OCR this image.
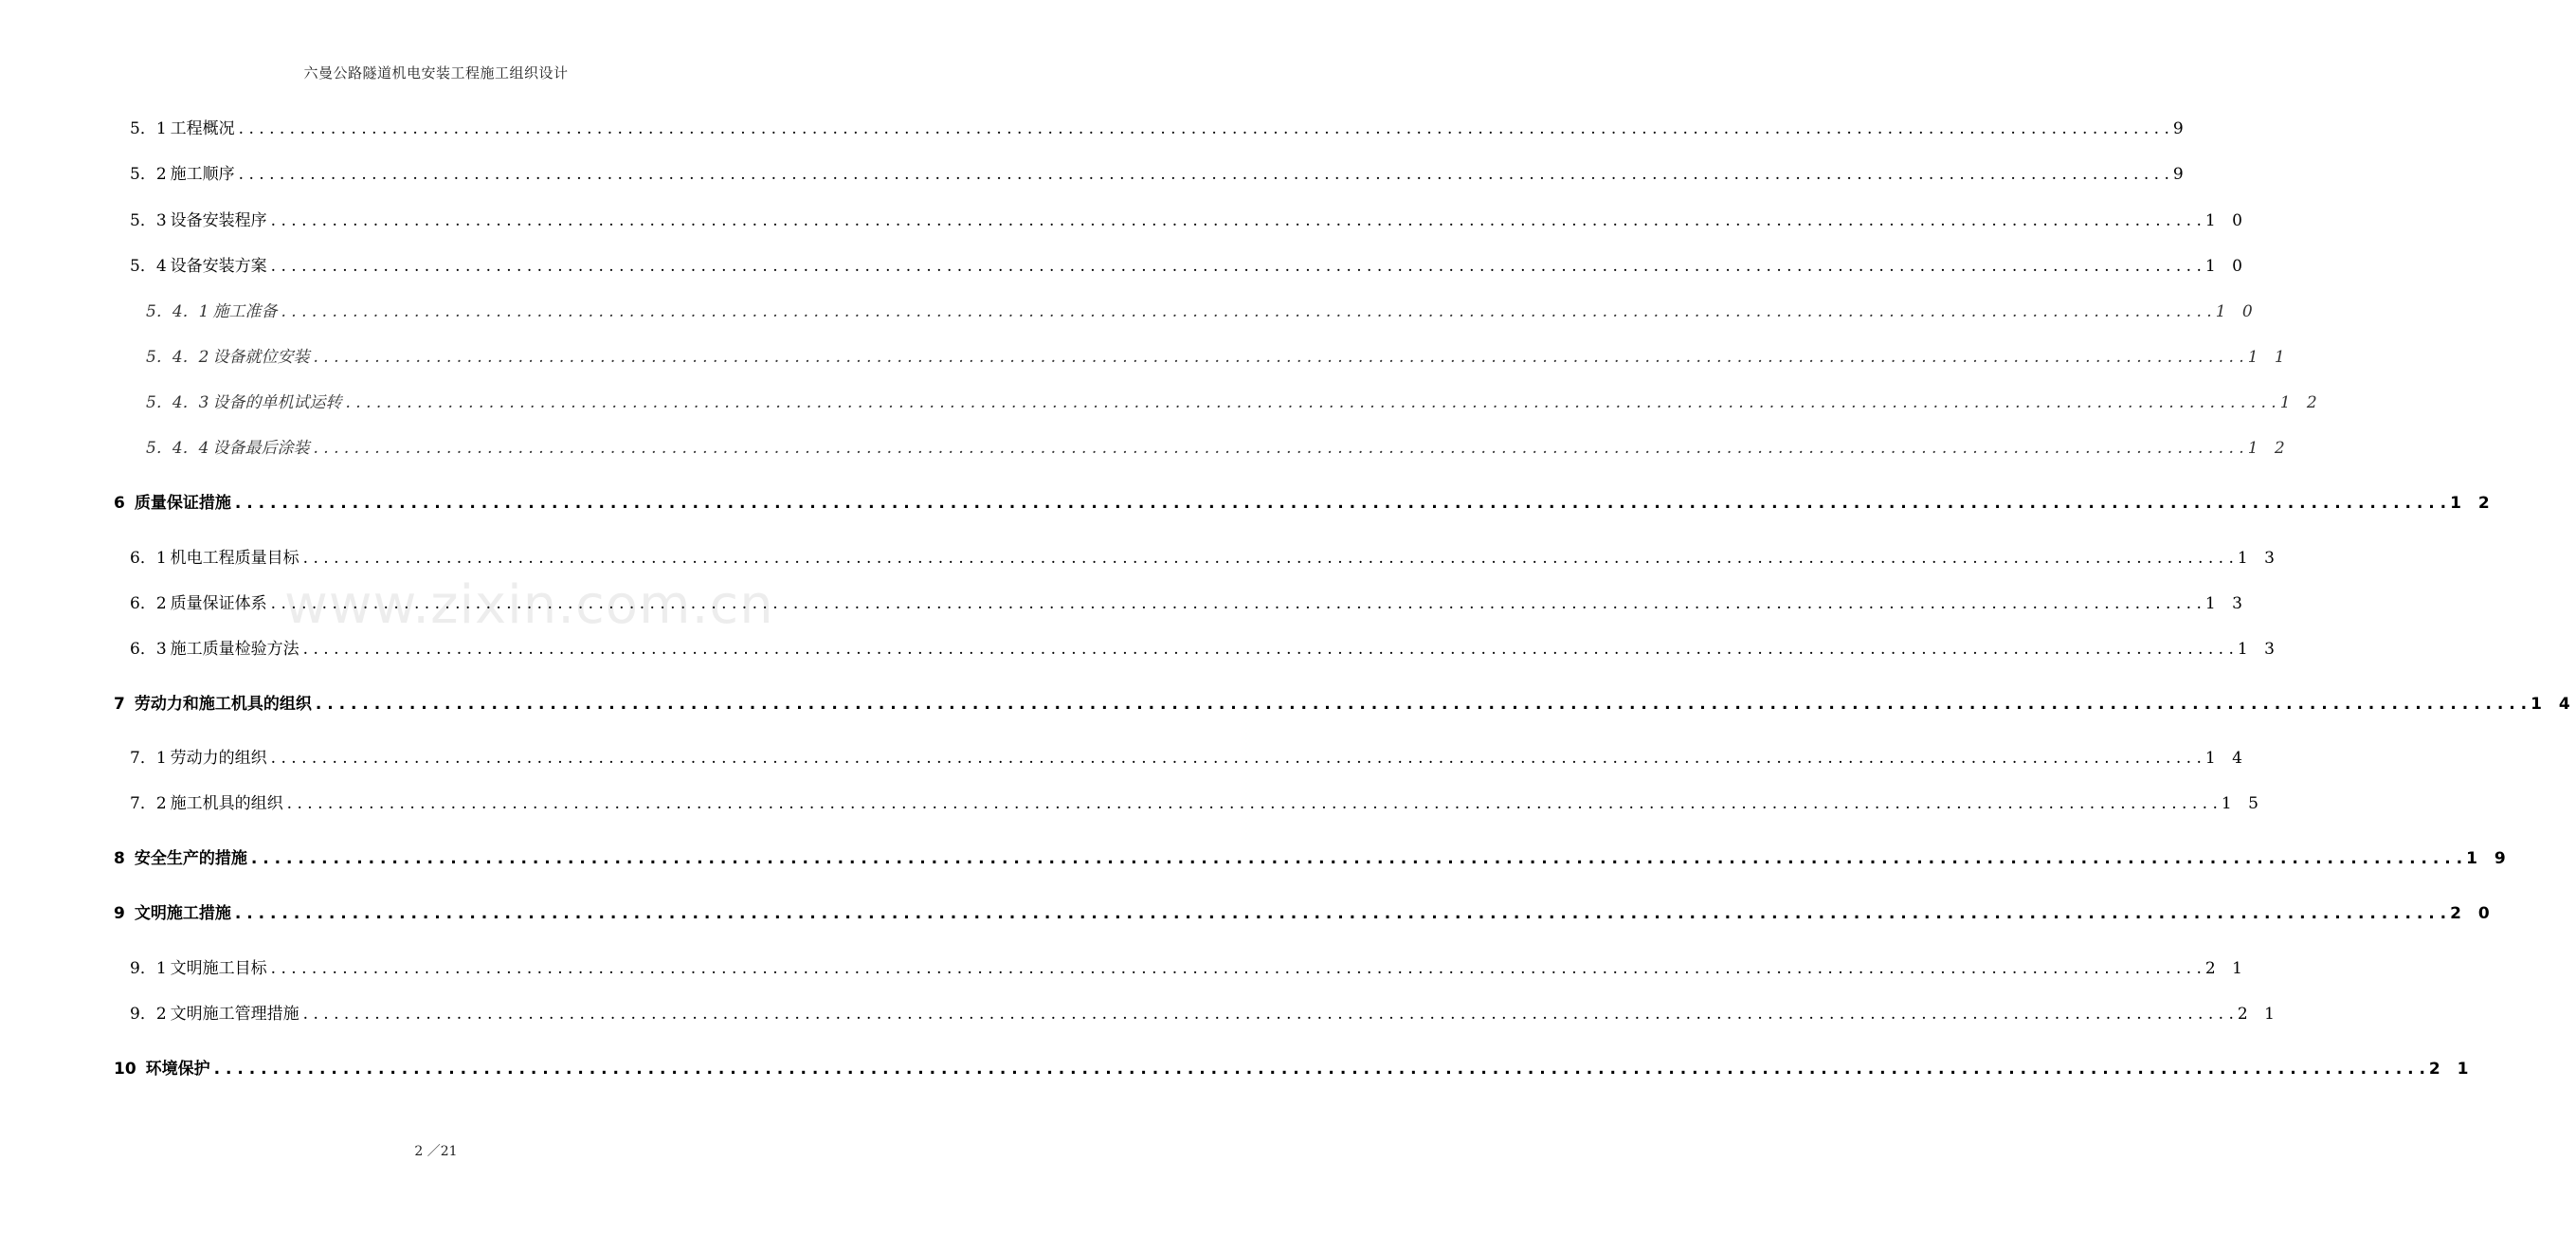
六曼公路隧道机电安装工程施工组织设计
www.zixin.com.cn
5．1 工程概况 . . .	9
5．2 施工顺序 . . .	9
5．3 设备安装程序 . . .	1 0
5．4 设备安装方案 . . .	1 0
5．4．1 施工准备 . . .	1 0
5．4．2 设备就位安装 . . .	1 1
5．4．3 设备的单机试运转 . . .	1 2
5．4．4 设备最后涂装 . . .	1 2
6 质量保证措施 . . .	1 2
6．1 机电工程质量目标 . . .	1 3
6．2 质量保证体系 . . .	1 3
6．3 施工质量检验方法 . . .	1 3
7 劳动力和施工机具的组织 . . .	1 4
7．1 劳动力的组织 . . .	1 4
7．2 施工机具的组织 . . .	1 5
8 安全生产的措施 . . .	1 9
9 文明施工措施 . . .	2 0
9．1 文明施工目标 . . .	2 1
9．2 文明施工管理措施 . . .	2 1
10 环境保护 . . .	2 1
2 ／21
